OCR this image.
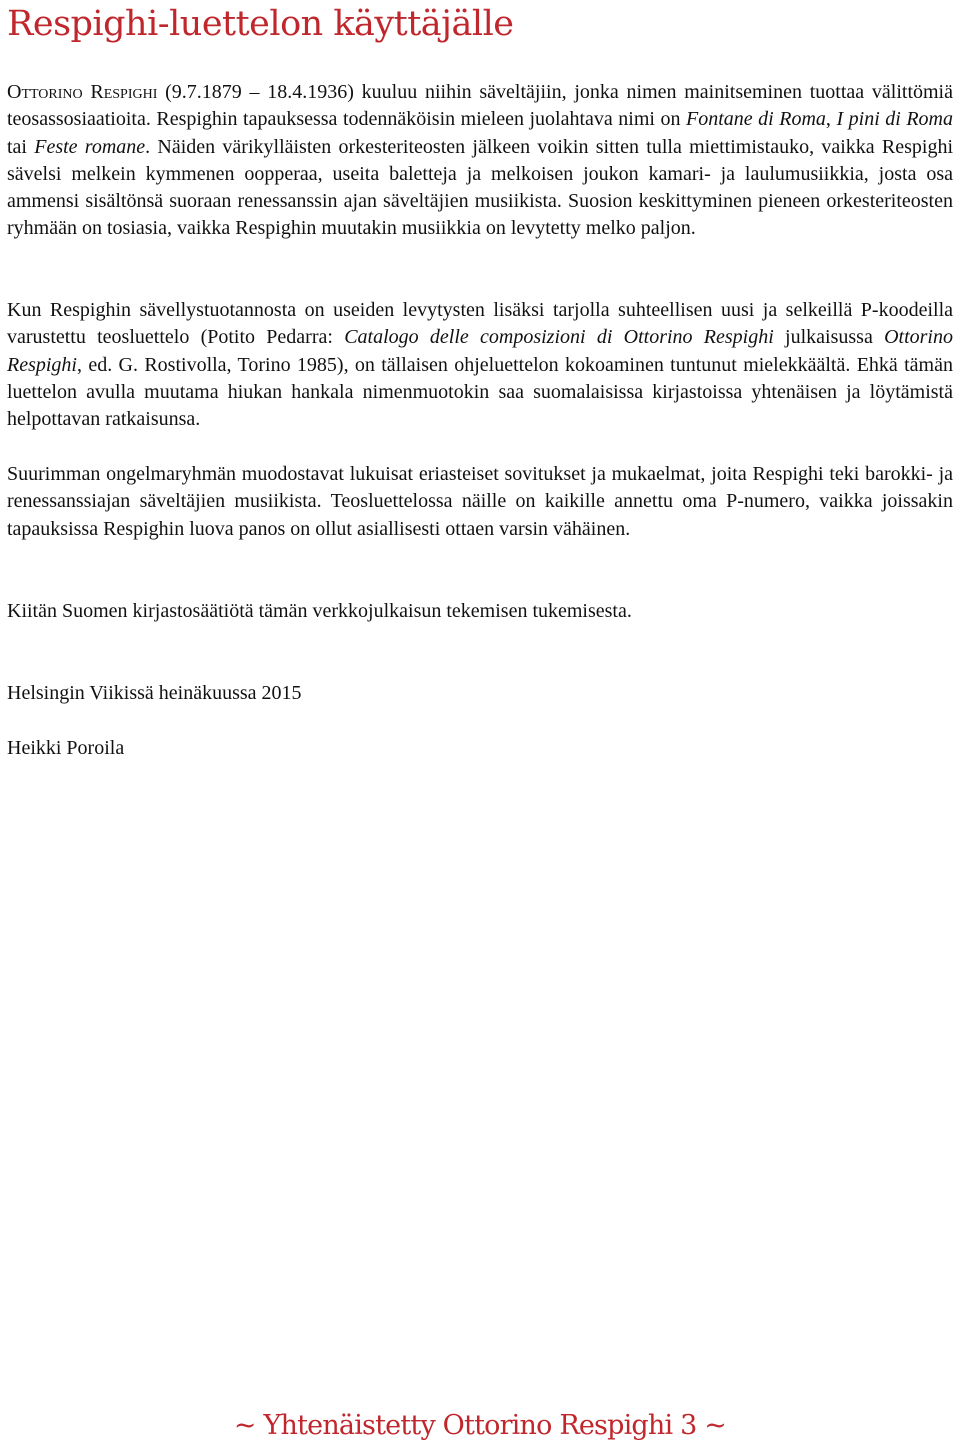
Respighi-luettelon käyttäjälle

Ottorino Respighi (9.7.1879 – 18.4.1936) kuuluu niihin säveltäjiin, jonka nimen mainitseminen tuottaa välittömiä teosassosiaatioita. Respighin tapauksessa todennäköisin mieleen juolahtava nimi on Fontane di Roma, I pini di Roma tai Feste romane. Näiden värikylläisten orkesteriteosten jälkeen voikin sitten tulla miettimistauko, vaikka Respighi sävelsi melkein kymmenen oopperaa, useita baletteja ja melkoisen joukon kamari- ja laulumusiikkia, josta osa ammensi sisältönsä suoraan renessanssin ajan säveltäjien musiikista. Suosion keskittyminen pieneen orkesteriteosten ryhmään on tosiasia, vaikka Respighin muutakin musiikkia on levytetty melko paljon.

Kun Respighin sävellystuotannosta on useiden levytysten lisäksi tarjolla suhteellisen uusi ja selkeillä P-koodeilla varustettu teosluettelo (Potito Pedarra: Catalogo delle composizioni di Ottorino Respighi julkaisussa Ottorino Respighi, ed. G. Rostivolla, Torino 1985), on tällaisen ohjeluettelon kokoaminen tuntunut mielekkäältä. Ehkä tämän luettelon avulla muutama hiukan hankala nimenmuotokin saa suomalaisissa kirjastoissa yhtenäisen ja löytämistä helpottavan ratkaisunsa.

Suurimman ongelmaryhmän muodostavat lukuisat eriasteiset sovitukset ja mukaelmat, joita Respighi teki barokki- ja renessanssiajan säveltäjien musiikista. Teosluettelossa näille on kaikille annettu oma P-numero, vaikka joissakin tapauksissa Respighin luova panos on ollut asiallisesti ottaen varsin vähäinen.

Kiitän Suomen kirjastosäätiötä tämän verkkojulkaisun tekemisen tukemisesta.

Helsingin Viikissä heinäkuussa 2015

Heikki Poroila

~ Yhtenäistetty Ottorino Respighi 3 ~
